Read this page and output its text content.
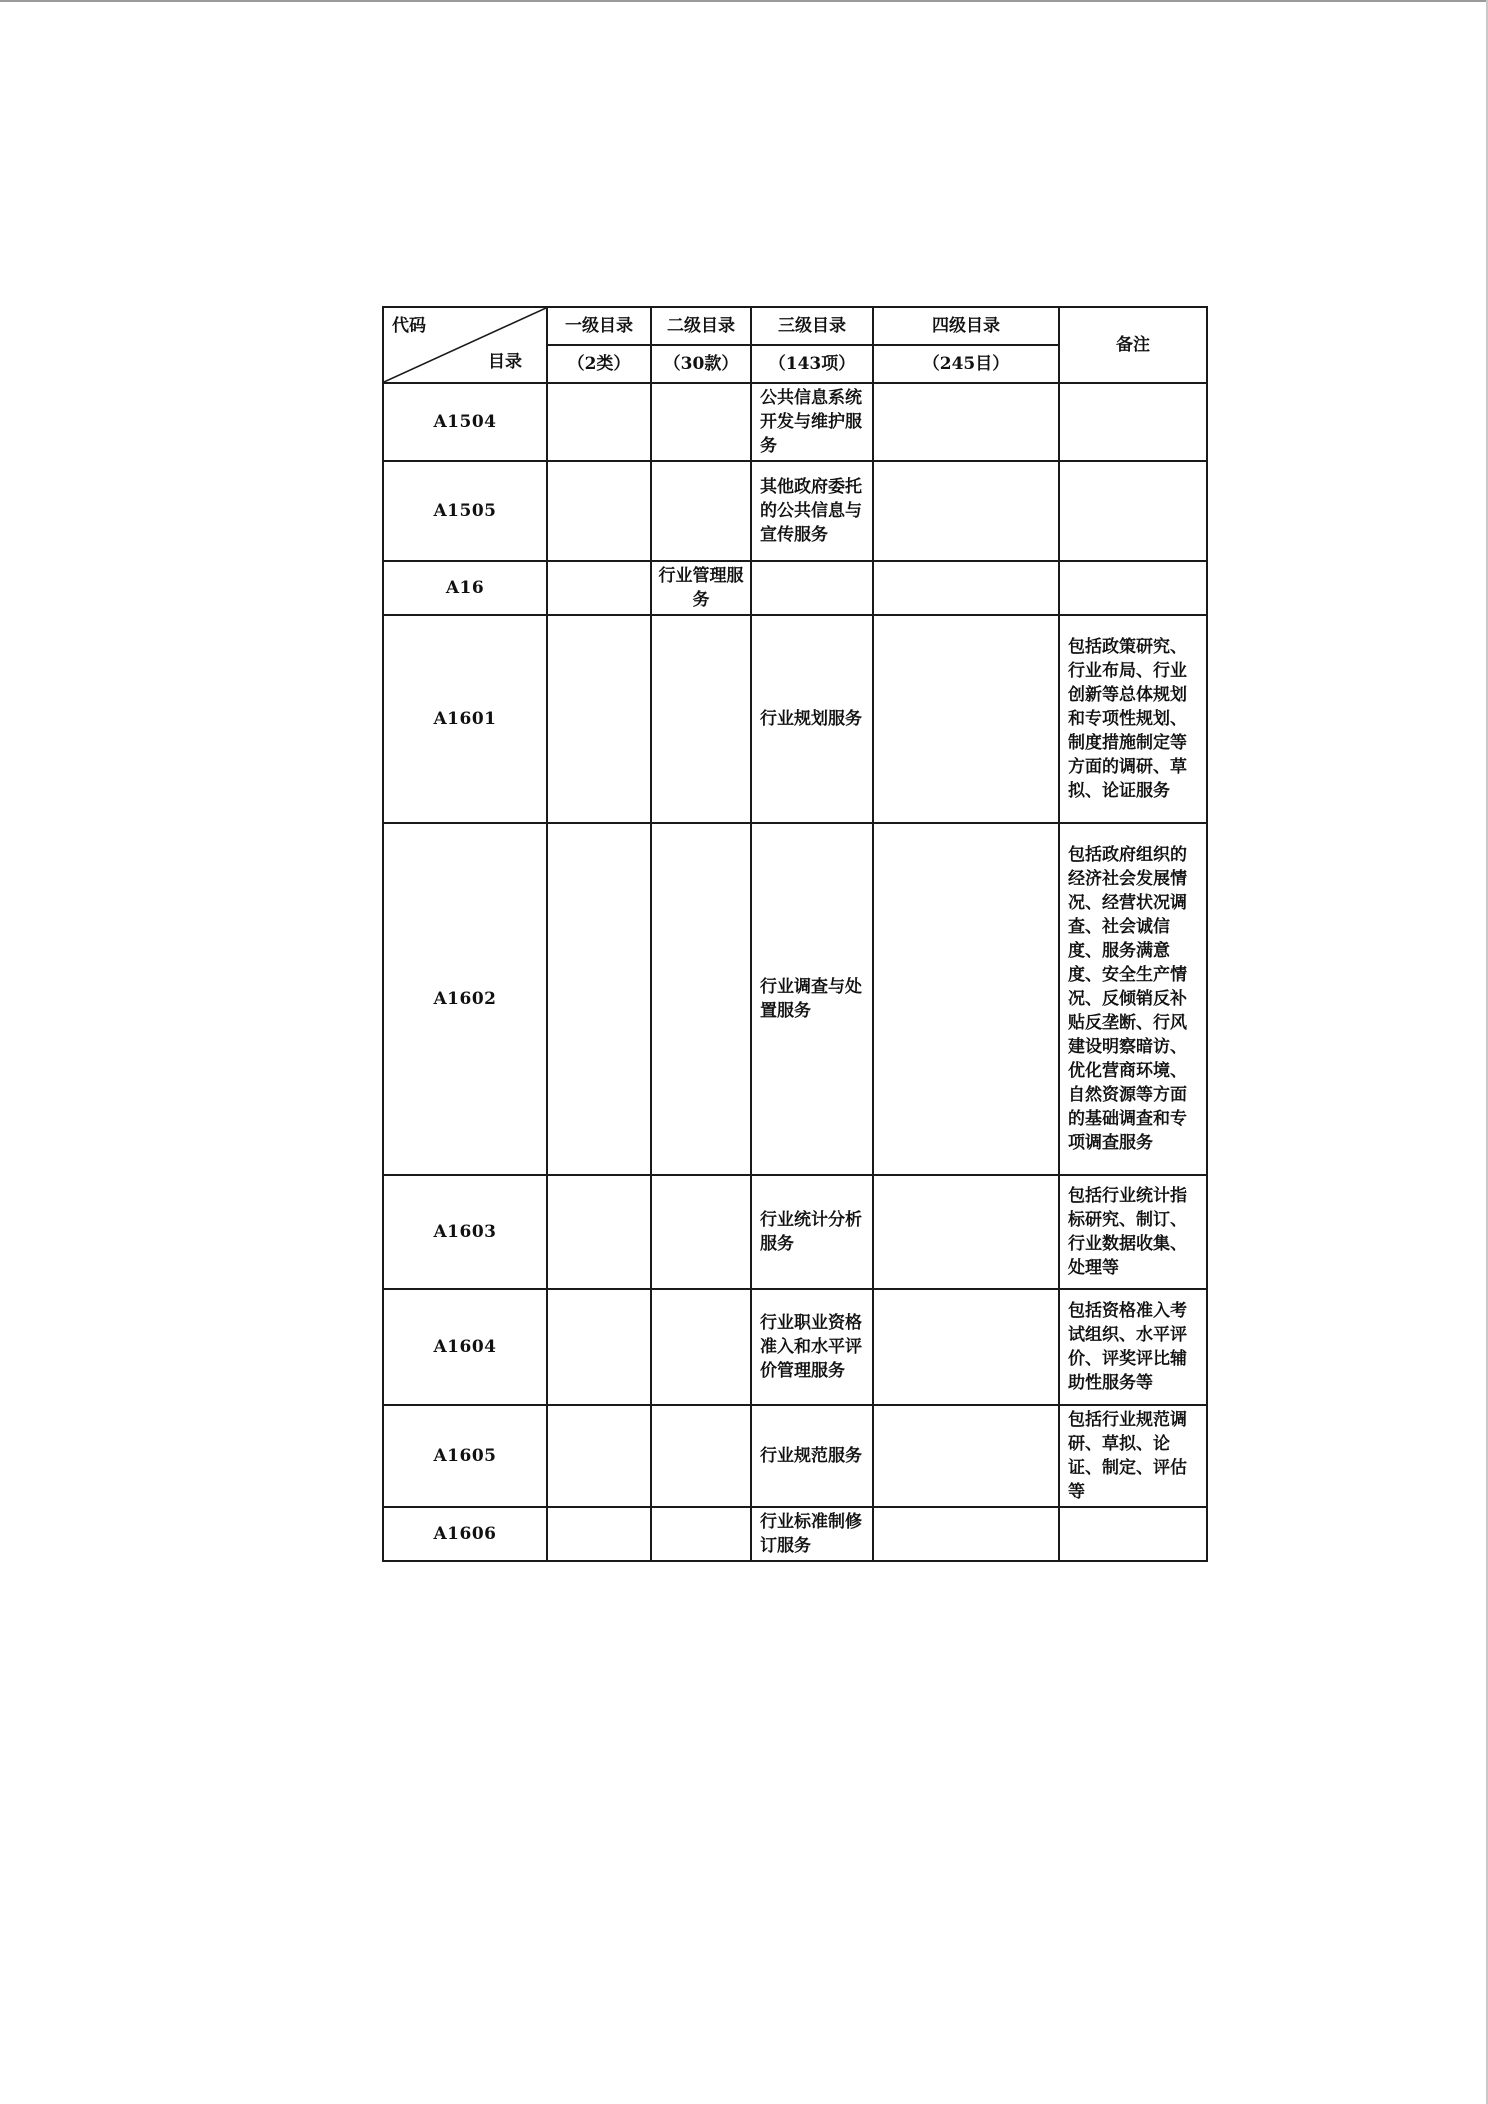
代码
目录	一级目录	二级目录	三级目录	四级目录	备注
	（2类）	（30款）	（143项）	（245目）	
A1504			公共信息系统开发与维护服务		
A1505			其他政府委托的公共信息与宣传服务		
A16		行业管理服务			
A1601			行业规划服务		包括政策研究、行业布局、行业创新等总体规划和专项性规划、制度措施制定等方面的调研、草拟、论证服务
A1602			行业调查与处置服务		包括政府组织的经济社会发展情况、经营状况调查、社会诚信度、服务满意度、安全生产情况、反倾销反补贴反垄断、行风建设明察暗访、优化营商环境、自然资源等方面的基础调查和专项调查服务
A1603			行业统计分析服务		包括行业统计指标研究、制订、行业数据收集、处理等
A1604			行业职业资格准入和水平评价管理服务		包括资格准入考试组织、水平评价、评奖评比辅助性服务等
A1605			行业规范服务		包括行业规范调研、草拟、论证、制定、评估等
A1606			行业标准制修订服务		
